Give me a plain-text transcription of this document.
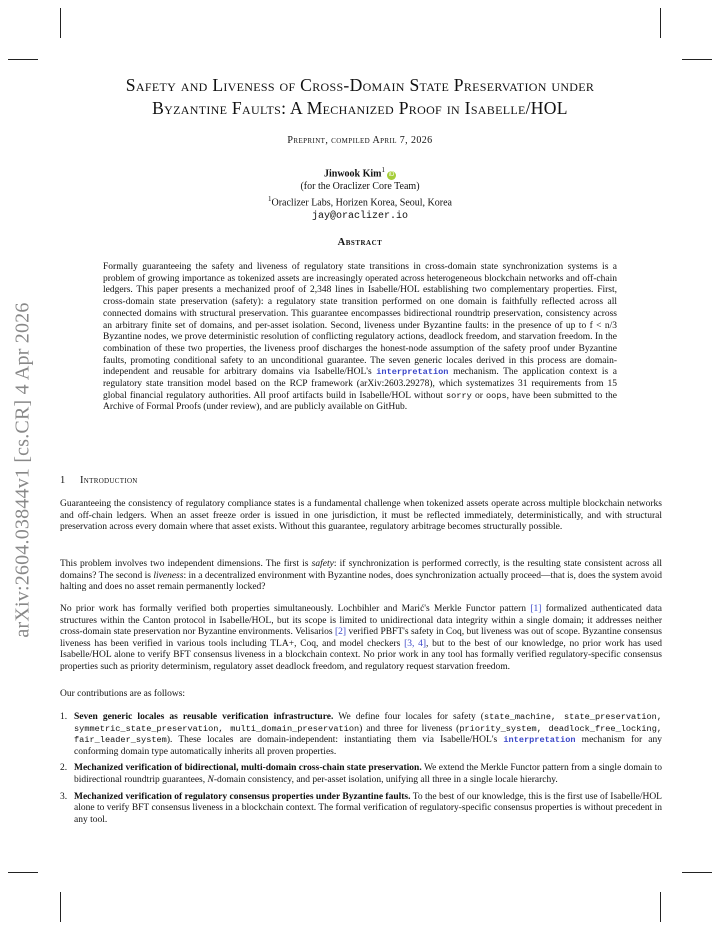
arXiv:2604.03844v1 [cs.CR] 4 Apr 2026
Safety and Liveness of Cross-Domain State Preservation under
Byzantine Faults: A Mechanized Proof in Isabelle/HOL
Preprint, compiled April 7, 2026
Jinwook Kim$^1$iD
(for the Oraclizer Core Team)
$^1$Oraclizer Labs, Horizen Korea, Seoul, Korea
jay@oraclizer.io
Abstract
Formally guaranteeing the safety and liveness of regulatory state transitions in cross-domain state synchronization systems is a problem of growing importance as tokenized assets are increasingly operated across heterogeneous blockchain networks and off-chain ledgers. This paper presents a mechanized proof of 2,348 lines in Isabelle/HOL establishing two complementary properties. First, cross-domain state preservation (safety): a regulatory state transition performed on one domain is faithfully reflected across all connected domains with structural preservation. This guarantee encompasses bidirectional roundtrip preservation, consistency across an arbitrary finite set of domains, and per-asset isolation. Second, liveness under Byzantine faults: in the presence of up to f < n/3 Byzantine nodes, we prove deterministic resolution of conflicting regulatory actions, deadlock freedom, and starvation freedom. In the combination of these two properties, the liveness proof discharges the honest-node assumption of the safety proof under Byzantine faults, promoting conditional safety to an unconditional guarantee. The seven generic locales derived in this process are domain-independent and reusable for arbitrary domains via Isabelle/HOL's interpretation mechanism. The application context is a regulatory state transition model based on the RCP framework (arXiv:2603.29278), which systematizes 31 requirements from 15 global financial regulatory authorities. All proof artifacts build in Isabelle/HOL without sorry or oops, have been submitted to the Archive of Formal Proofs (under review), and are publicly available on GitHub.
1 Introduction
Guaranteeing the consistency of regulatory compliance states is a fundamental challenge when tokenized assets operate across multiple blockchain networks and off-chain ledgers. When an asset freeze order is issued in one jurisdiction, it must be reflected immediately, deterministically, and with structural preservation across every domain where that asset exists. Without this guarantee, regulatory arbitrage becomes structurally possible.
This problem involves two independent dimensions. The first is safety: if synchronization is performed correctly, is the resulting state consistent across all domains? The second is liveness: in a decentralized environment with Byzantine nodes, does synchronization actually proceed—that is, does the system avoid halting and does no asset remain permanently locked?
No prior work has formally verified both properties simultaneously. Lochbihler and Marić's Merkle Functor pattern [1] formalized authenticated data structures within the Canton protocol in Isabelle/HOL, but its scope is limited to unidirectional data integrity within a single domain; it addresses neither cross-domain state preservation nor Byzantine environments. Velisarios [2] verified PBFT's safety in Coq, but liveness was out of scope. Byzantine consensus liveness has been verified in various tools including TLA+, Coq, and model checkers [3, 4], but to the best of our knowledge, no prior work has used Isabelle/HOL alone to verify BFT consensus liveness in a blockchain context. No prior work in any tool has formally verified regulatory-specific consensus properties such as priority determinism, regulatory asset deadlock freedom, and regulatory request starvation freedom.
Our contributions are as follows:
1. Seven generic locales as reusable verification infrastructure. We define four locales for safety (state_machine, state_preservation, symmetric_state_preservation, multi_domain_preservation) and three for liveness (priority_system, deadlock_free_locking, fair_leader_system). These locales are domain-independent: instantiating them via Isabelle/HOL's interpretation mechanism for any conforming domain type automatically inherits all proven properties.
2. Mechanized verification of bidirectional, multi-domain cross-chain state preservation. We extend the Merkle Functor pattern from a single domain to bidirectional roundtrip guarantees, N-domain consistency, and per-asset isolation, unifying all three in a single locale hierarchy.
3. Mechanized verification of regulatory consensus properties under Byzantine faults. To the best of our knowledge, this is the first use of Isabelle/HOL alone to verify BFT consensus liveness in a blockchain context. The formal verification of regulatory-specific consensus properties is without precedent in any tool.
